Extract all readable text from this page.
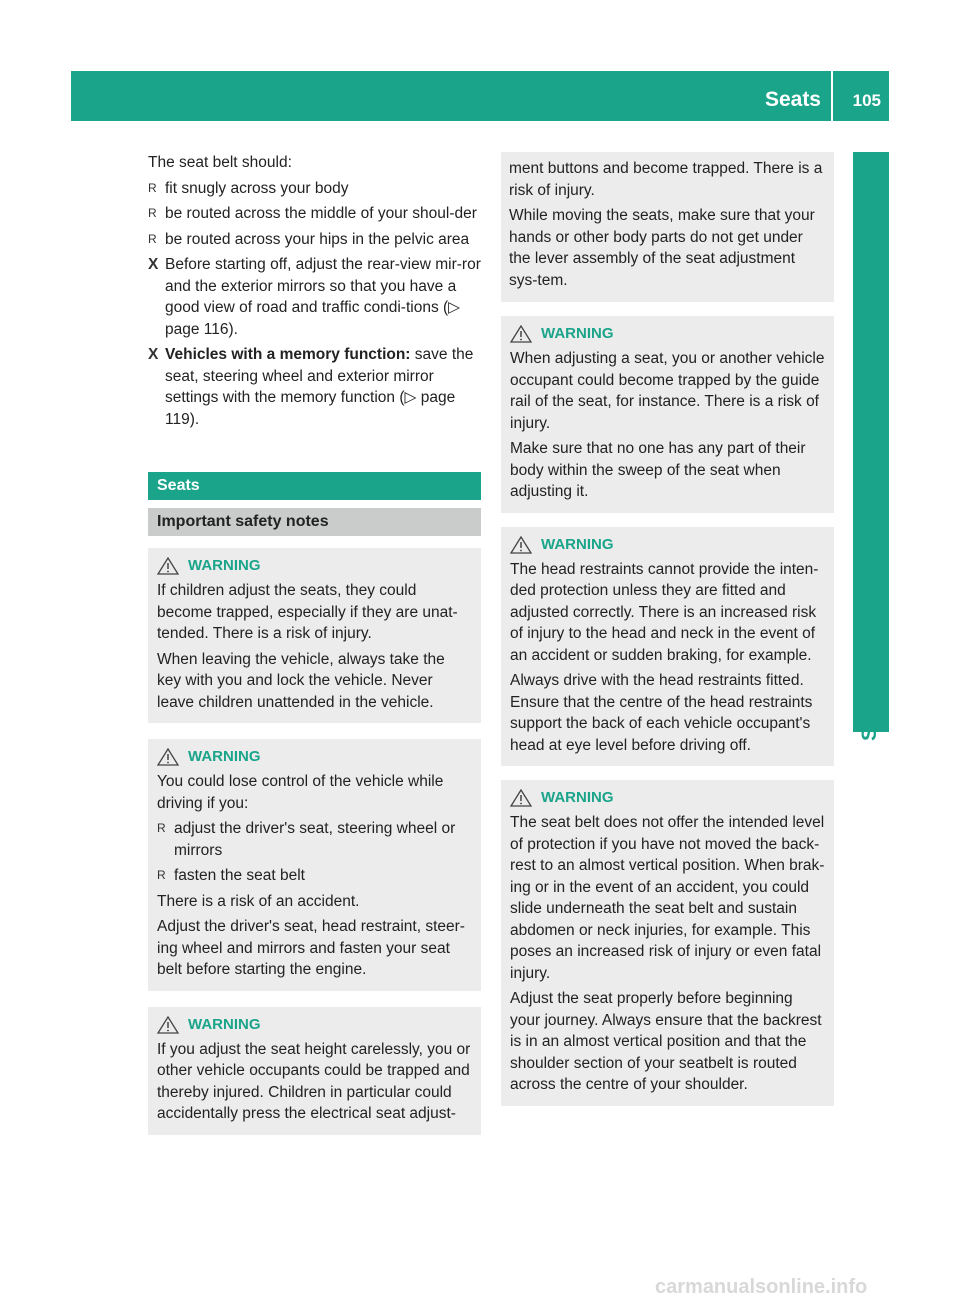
Seats 105
Seats, steering wheel and mirrors

The seat belt should:

R fit snugly across your body
R be routed across the middle of your shoul-der
R be routed across your hips in the pelvic area
X Before starting off, adjust the rear-view mir-ror and the exterior mirrors so that you have a good view of road and traffic condi-tions (▷ page 116).
X Vehicles with a memory function: save the seat, steering wheel and exterior mirror settings with the memory function (▷ page 119).
Seats
Important safety notes
WARNING

If children adjust the seats, they could become trapped, especially if they are unat-tended. There is a risk of injury.

When leaving the vehicle, always take the key with you and lock the vehicle. Never leave children unattended in the vehicle.

WARNING

You could lose control of the vehicle while driving if you:

R adjust the driver's seat, steering wheel or mirrors
R fasten the seat belt

There is a risk of an accident.

Adjust the driver's seat, head restraint, steer-ing wheel and mirrors and fasten your seat belt before starting the engine.

WARNING

If you adjust the seat height carelessly, you or other vehicle occupants could be trapped and thereby injured. Children in particular could accidentally press the electrical seat adjust-

ment buttons and become trapped. There is a risk of injury.

While moving the seats, make sure that your hands or other body parts do not get under the lever assembly of the seat adjustment sys-tem.

WARNING

When adjusting a seat, you or another vehicle occupant could become trapped by the guide rail of the seat, for instance. There is a risk of injury.

Make sure that no one has any part of their body within the sweep of the seat when adjusting it.

WARNING

The head restraints cannot provide the inten-ded protection unless they are fitted and adjusted correctly. There is an increased risk of injury to the head and neck in the event of an accident or sudden braking, for example.

Always drive with the head restraints fitted. Ensure that the centre of the head restraints support the back of each vehicle occupant's head at eye level before driving off.

WARNING

The seat belt does not offer the intended level of protection if you have not moved the back-rest to an almost vertical position. When brak-ing or in the event of an accident, you could slide underneath the seat belt and sustain abdomen or neck injuries, for example. This poses an increased risk of injury or even fatal injury.

Adjust the seat properly before beginning your journey. Always ensure that the backrest is in an almost vertical position and that the shoulder section of your seatbelt is routed across the centre of your shoulder.

carmanualsonline.info
